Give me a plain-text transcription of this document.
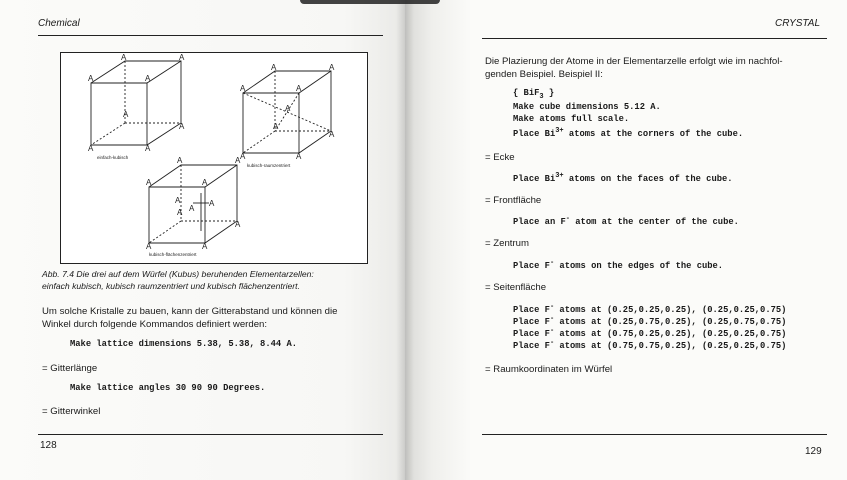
Chemical
A
A	A
A
A	A
A
A
A
A	A
A
A
A	A
A
A
A
A	A
A
A	A
A A
A	A
A
einfach-kubisch
kubisch-raumzentriert
kubisch-flächenzentriert
Abb. 7.4 Die drei auf dem Würfel (Kubus) beruhenden Elementarzellen:
einfach kubisch, kubisch raumzentriert und kubisch flächenzentriert.
Um solche Kristalle zu bauen, kann der Gitterabstand und können die
Winkel durch folgende Kommandos definiert werden:
Make lattice dimensions 5.38, 5.38, 8.44 A.
= Gitterlänge
Make lattice angles 30 90 90 Degrees.
= Gitterwinkel
128
CRYSTAL
Die Plazierung der Atome in der Elementarzelle erfolgt wie im nachfol-
genden Beispiel. Beispiel II:
{ BiF$_3$ }
Make cube dimensions 5.12 A.
Make atoms full scale.
Place $Bi^{3+}$ atoms at the corners of the cube.
= Ecke
Place $Bi^{3+}$ atoms on the faces of the cube.
= Frontfläche
Place an F- atom at the center of the cube.
= Zentrum
Place F- atoms on the edges of the cube.
= Seitenfläche
Place F- atoms at (0.25,0.25,0.25), (0.25,0.25,0.75)
Place F- atoms at (0.25,0.75,0.25), (0.25,0.75,0.75)
Place F- atoms at (0.75,0.25,0.25), (0.25,0.25,0.75)
Place F- atoms at (0.75,0.75,0.25), (0.25,0.25,0.75)
= Raumkoordinaten im Würfel
129
